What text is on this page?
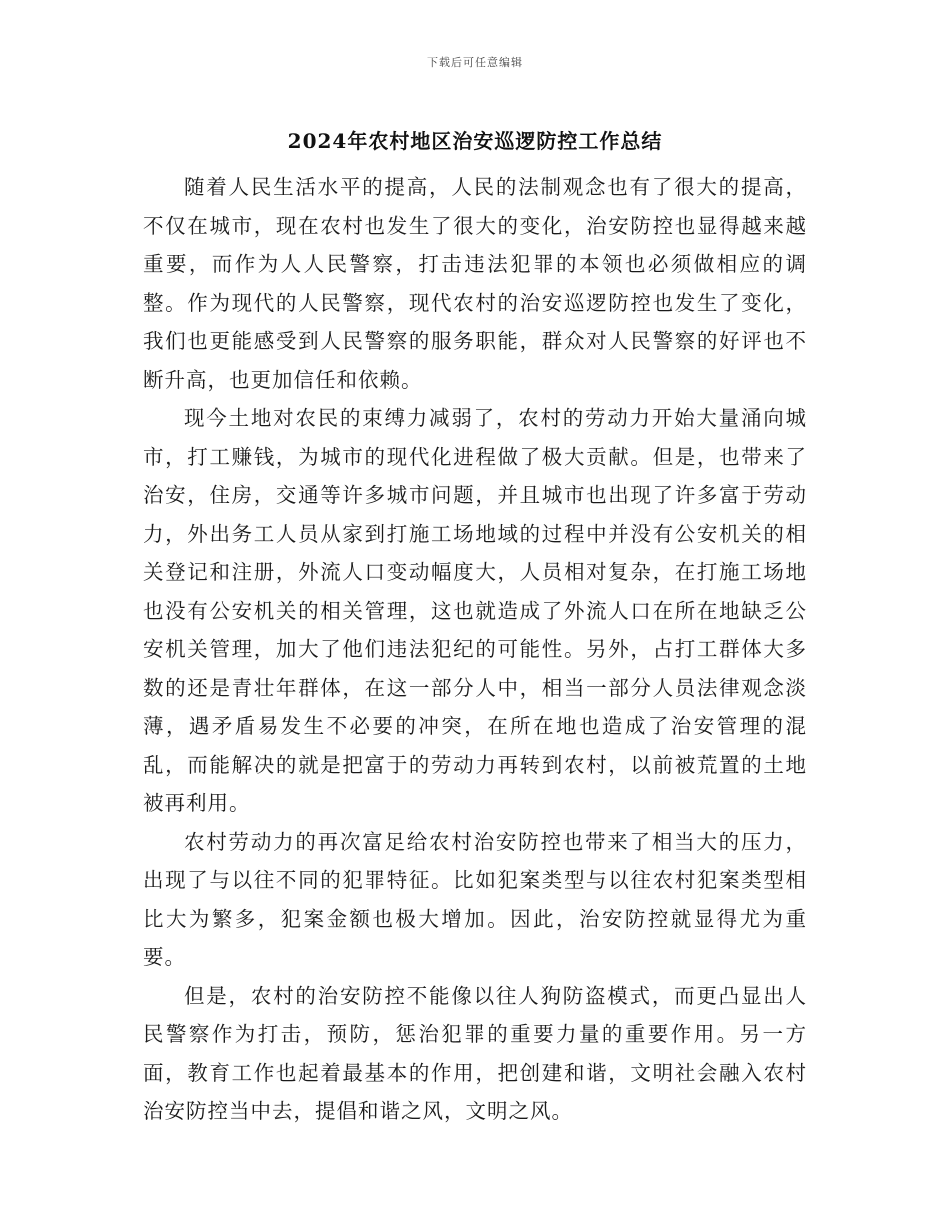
下载后可任意编辑
2024年农村地区治安巡逻防控工作总结

随着人民生活水平的提高，人民的法制观念也有了很大的提高，不仅在城市，现在农村也发生了很大的变化，治安防控也显得越来越重要，而作为人人民警察，打击违法犯罪的本领也必须做相应的调整。作为现代的人民警察，现代农村的治安巡逻防控也发生了变化，我们也更能感受到人民警察的服务职能，群众对人民警察的好评也不断升高，也更加信任和依赖。

现今土地对农民的束缚力减弱了，农村的劳动力开始大量涌向城市，打工赚钱，为城市的现代化进程做了极大贡献。但是，也带来了治安，住房，交通等许多城市问题，并且城市也出现了许多富于劳动力，外出务工人员从家到打施工场地域的过程中并没有公安机关的相关登记和注册，外流人口变动幅度大，人员相对复杂，在打施工场地也没有公安机关的相关管理，这也就造成了外流人口在所在地缺乏公安机关管理，加大了他们违法犯纪的可能性。另外，占打工群体大多数的还是青壮年群体，在这一部分人中，相当一部分人员法律观念淡薄，遇矛盾易发生不必要的冲突，在所在地也造成了治安管理的混乱，而能解决的就是把富于的劳动力再转到农村，以前被荒置的土地被再利用。

农村劳动力的再次富足给农村治安防控也带来了相当大的压力，出现了与以往不同的犯罪特征。比如犯案类型与以往农村犯案类型相比大为繁多，犯案金额也极大增加。因此，治安防控就显得尤为重要。

但是，农村的治安防控不能像以往人狗防盗模式，而更凸显出人民警察作为打击，预防，惩治犯罪的重要力量的重要作用。另一方面，教育工作也起着最基本的作用，把创建和谐，文明社会融入农村治安防控当中去，提倡和谐之风，文明之风。
